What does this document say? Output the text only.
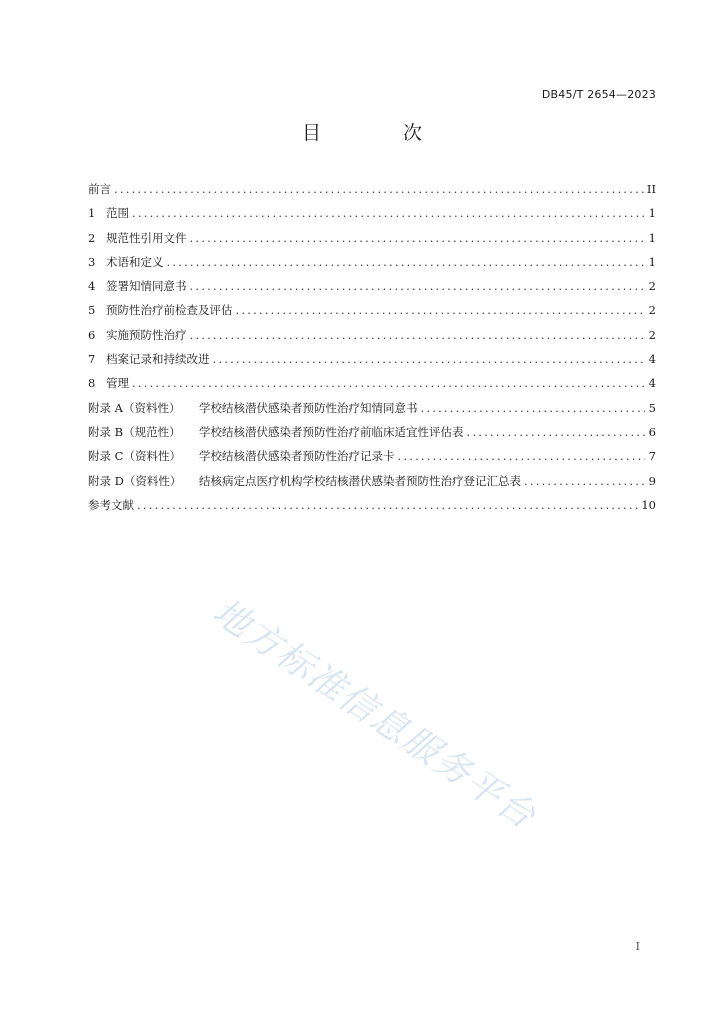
DB45/T 2654—2023
目 次
前言 .....	II
1 范围 .....	1
2 规范性引用文件 .....	1
3 术语和定义 .....	1
4 签署知情同意书 .....	2
5 预防性治疗前检查及评估 .....	2
6 实施预防性治疗 .....	2
7 档案记录和持续改进 .....	4
8 管理 .....	4
附录 A（资料性）	学校结核潜伏感染者预防性治疗知情同意书 .....	5
附录 B（规范性）	学校结核潜伏感染者预防性治疗前临床适宜性评估表 .....	6
附录 C（资料性）	学校结核潜伏感染者预防性治疗记录卡 .....	7
附录 D（资料性）	结核病定点医疗机构学校结核潜伏感染者预防性治疗登记汇总表 .....	9
参考文献 .....	10
地方标准信息服务平台
I
